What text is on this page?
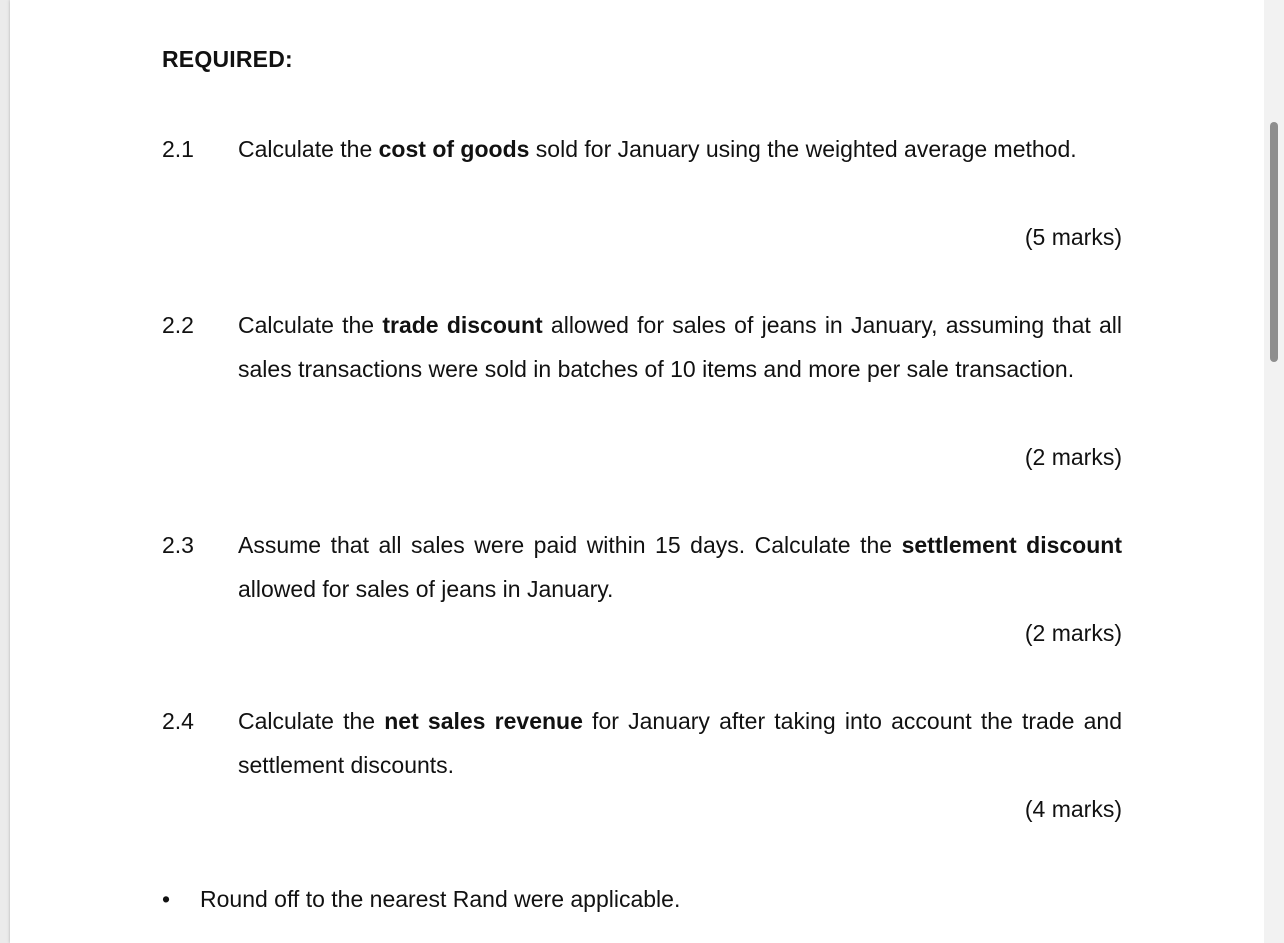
REQUIRED:
2.1 Calculate the cost of goods sold for January using the weighted average method.
(5 marks)
2.2 Calculate the trade discount allowed for sales of jeans in January, assuming that all sales transactions were sold in batches of 10 items and more per sale transaction.
(2 marks)
2.3 Assume that all sales were paid within 15 days. Calculate the settlement discount allowed for sales of jeans in January.
(2 marks)
2.4 Calculate the net sales revenue for January after taking into account the trade and settlement discounts.
(4 marks)
• Round off to the nearest Rand were applicable.
